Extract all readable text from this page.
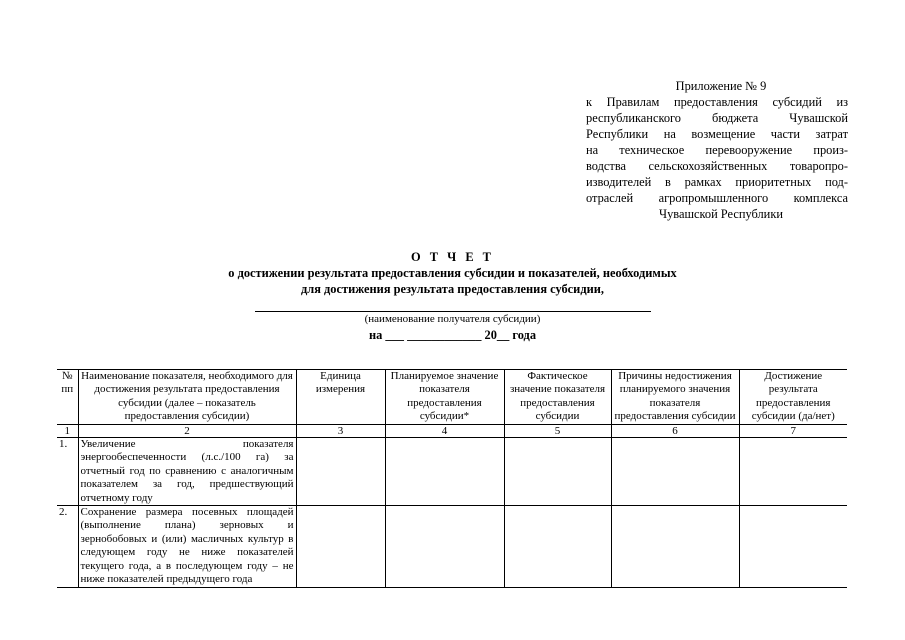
Приложение № 9
к Правилам предоставления субсидий из
республиканского бюджета Чувашской
Республики на возмещение части затрат
на техническое перевооружение произ-
водства сельскохозяйственных товаропро-
изводителей в рамках приоритетных под-
отраслей агропромышленного комплекса
Чувашской Республики
О Т Ч Е Т
о достижении результата предоставления субсидии и показателей, необходимых
для достижения результата предоставления субсидии,
(наименование получателя субсидии)
на ___ ____________ 20__ года
№ пп	Наименование показателя, необходимого для достижения результата предоставления субсидии (далее – показатель предоставления субсидии)	Единица измерения	Планируемое значение показателя предоставления субсидии*	Фактическое значение показателя предоставления субсидии	Причины недостижения планируемого значения показателя предоставления субсидии	Достижение результата предоставления субсидии (да/нет)
1	2	3	4	5	6	7
1.	Увеличение показателя энергообеспеченности (л.с./100 га) за отчетный год по сравнению с аналогичным показателем за год, предшествующий отчетному году					
2.	Сохранение размера посевных площадей (выполнение плана) зерновых и зернобобовых и (или) масличных культур в следующем году не ниже показателей текущего года, а в последующем году – не ниже показателей предыдущего года					
